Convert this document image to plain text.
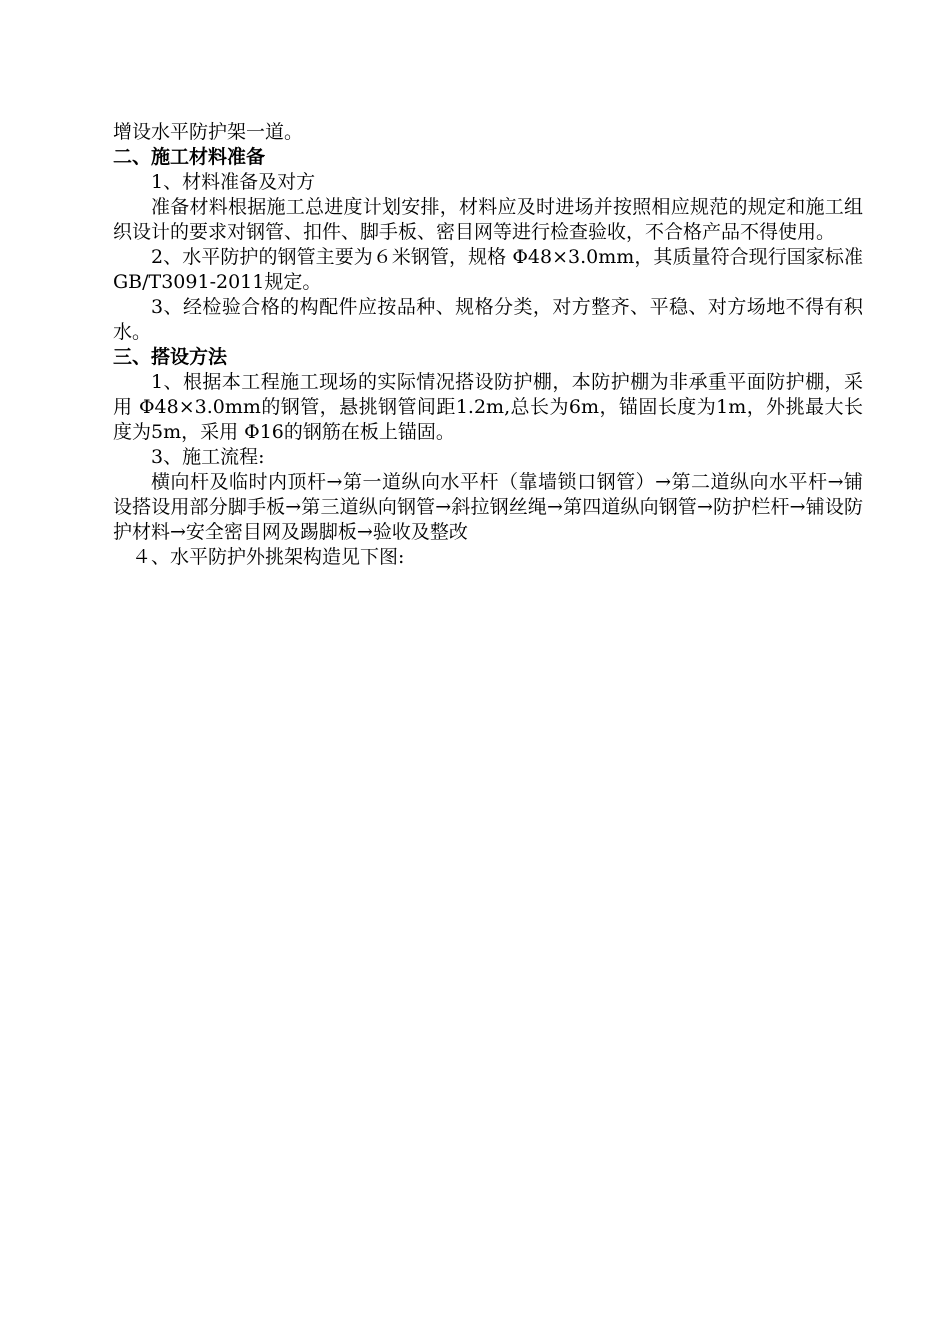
增设水平防护架一道。

二、施工材料准备

1、材料准备及对方

准备材料根据施工总进度计划安排，材料应及时进场并按照相应规范的规定和施工组织设计的要求对钢管、扣件、脚手板、密目网等进行检查验收，不合格产品不得使用。

2、水平防护的钢管主要为６米钢管，规格 Φ48×3.0mm，其质量符合现行国家标准GB/T3091-2011规定。

3、经检验合格的构配件应按品种、规格分类，对方整齐、平稳、对方场地不得有积水。

三、搭设方法

1、根据本工程施工现场的实际情况搭设防护棚，本防护棚为非承重平面防护棚，采用 Φ48×3.0mm的钢管，悬挑钢管间距1.2m,总长为6m，锚固长度为1m，外挑最大长度为5m，采用 Φ16的钢筋在板上锚固。

3、施工流程:

横向杆及临时内顶杆→第一道纵向水平杆（靠墙锁口钢管）→第二道纵向水平杆→铺设搭设用部分脚手板→第三道纵向钢管→斜拉钢丝绳→第四道纵向钢管→防护栏杆→铺设防护材料→安全密目网及踢脚板→验收及整改

４、水平防护外挑架构造见下图:
